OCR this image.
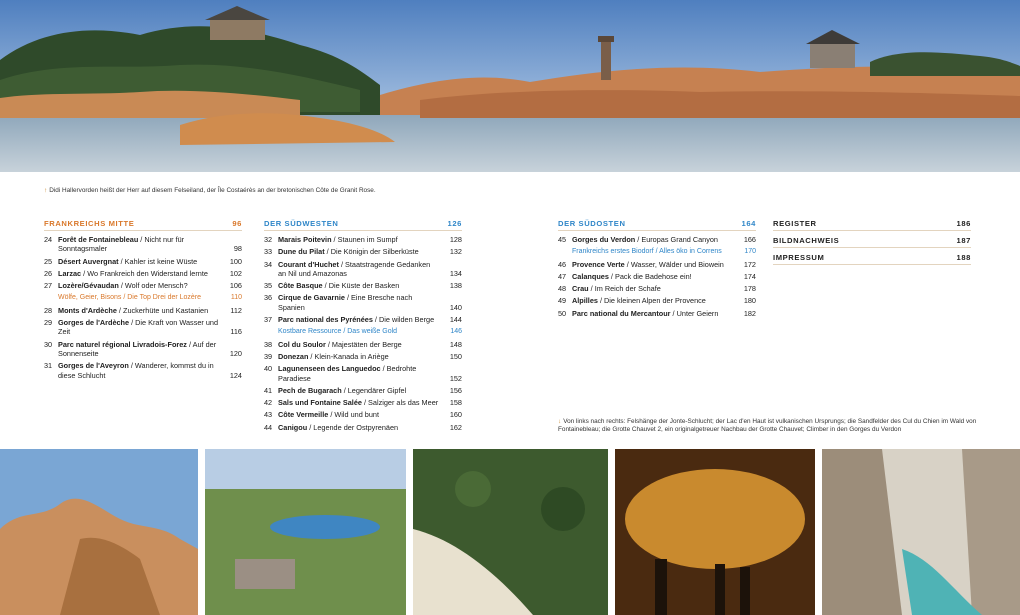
↑ Didi Hallervorden heißt der Herr auf diesem Felseiland, der Île Costaérès an der bretonischen Côte de Granit Rose.
FRANKREICHS MITTE	96
24 Forêt de Fontainebleau / Nicht nur für Sonntagsmaler	98
25 Désert Auvergnat / Kahler ist keine Wüste	100
26 Larzac / Wo Frankreich den Widerstand lernte	102
27 Lozère/Gévaudan / Wolf oder Mensch?	106
Wölfe, Geier, Bisons / Die Top Drei der Lozère	110
28 Monts d'Ardèche / Zuckerhüte und Kastanien	112
29 Gorges de l'Ardèche / Die Kraft von Wasser und Zeit	116
30 Parc naturel régional Livradois-Forez / Auf der Sonnenseite	120
31 Gorges de l'Aveyron / Wanderer, kommst du in diese Schlucht	124
DER SÜDWESTEN	126
32 Marais Poitevin / Staunen im Sumpf	128
33 Dune du Pilat / Die Königin der Silberküste	132
34 Courant d'Huchet / Staatstragende Gedanken an Nil und Amazonas	134
35 Côte Basque / Die Küste der Basken	138
36 Cirque de Gavarnie / Eine Bresche nach Spanien	140
37 Parc national des Pyrénées / Die wilden Berge 144
Kostbare Ressource / Das weiße Gold	146
38 Col du Soulor / Majestäten der Berge	148
39 Donezan / Klein-Kanada in Ariège	150
40 Lagunenseen des Languedoc / Bedrohte Paradiese	152
41 Pech de Bugarach / Legendärer Gipfel	156
42 Sals und Fontaine Salée / Salziger als das Meer 158
43 Côte Vermeille / Wild und bunt	160
44 Canigou / Legende der Ostpyrenäen	162
DER SÜDOSTEN	164
45 Gorges du Verdon / Europas Grand Canyon	166
Frankreichs erstes Biodorf / Alles öko in Correns	170
46 Provence Verte / Wasser, Wälder und Biowein	172
47 Calanques / Pack die Badehose ein!	174
48 Crau / Im Reich der Schafe	178
49 Alpilles / Die kleinen Alpen der Provence	180
50 Parc national du Mercantour / Unter Geiern	182
REGISTER	186
BILDNACHWEIS	187
IMPRESSUM	188
↓ Von links nach rechts: Felshänge der Jonte-Schlucht; der Lac d'en Haut ist vulkanischen Ursprungs; die Sandfelder des Cul du Chien im Wald von Fontainebleau; die Grotte Chauvet 2, ein originalgetreuer Nachbau der Grotte Chauvet; Climber in den Gorges du Verdon
